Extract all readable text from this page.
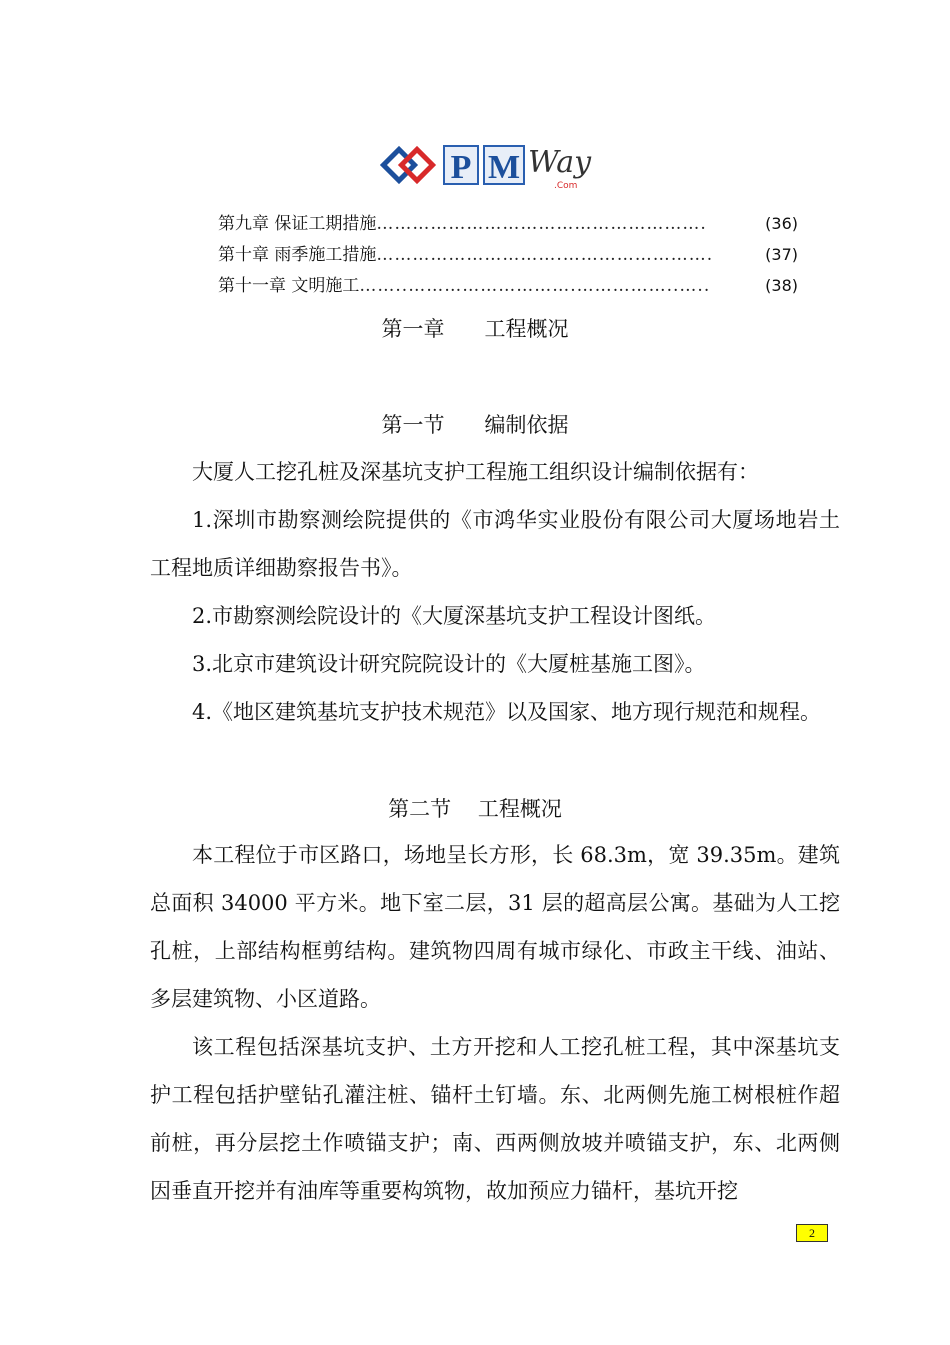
P M Way
.Com
第九章 保证工期措施 ……………………………………………….	(36)
第十章 雨季施工措施 ………………………….…………………….	(37)
第十一章 文明施工 ……..……………………….……………..…..	(38)
第一章      工程概况
第一节      编制依据
大厦人工挖孔桩及深基坑支护工程施工组织设计编制依据有：
1.深圳市勘察测绘院提供的《市鸿华实业股份有限公司大厦场地岩土工程地质详细勘察报告书》。
2.市勘察测绘院设计的《大厦深基坑支护工程设计图纸。
3.北京市建筑设计研究院院设计的《大厦桩基施工图》。
4.《地区建筑基坑支护技术规范》以及国家、地方现行规范和规程。
第二节    工程概况
本工程位于市区路口，场地呈长方形，长 68.3m，宽 39.35m。建筑总面积 34000 平方米。地下室二层，31 层的超高层公寓。基础为人工挖孔桩，上部结构框剪结构。建筑物四周有城市绿化、市政主干线、油站、多层建筑物、小区道路。
该工程包括深基坑支护、土方开挖和人工挖孔桩工程，其中深基坑支护工程包括护壁钻孔灌注桩、锚杆土钉墙。东、北两侧先施工树根桩作超前桩，再分层挖土作喷锚支护；南、西两侧放坡并喷锚支护，东、北两侧因垂直开挖并有油库等重要构筑物，故加预应力锚杆，基坑开挖
2
